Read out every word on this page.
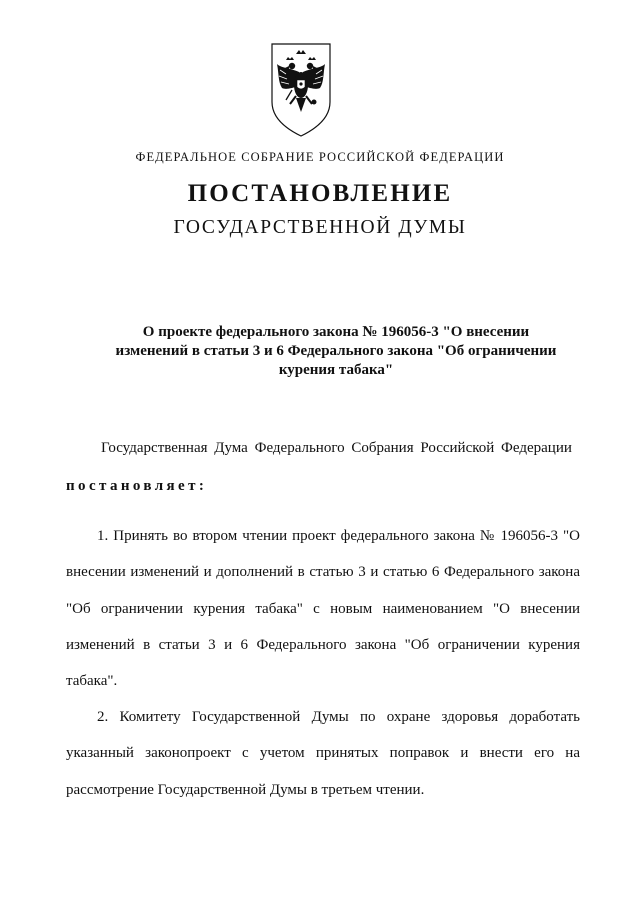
ФЕДЕРАЛЬНОЕ СОБРАНИЕ РОССИЙСКОЙ ФЕДЕРАЦИИ
ПОСТАНОВЛЕНИЕ
ГОСУДАРСТВЕННОЙ ДУМЫ
О проекте федерального закона № 196056-3 "О внесении
изменений в статьи 3 и 6 Федерального закона "Об ограничении
курения табака"
Государственная Дума Федерального Собрания Российской Федерации
постановляет:
1. Принять во втором чтении проект федерального закона № 196056-3 "О внесении изменений и дополнений в статью 3 и статью 6 Федерального закона "Об ограничении курения табака" с новым наименованием "О внесении изменений в статьи 3 и 6 Федерального закона "Об ограничении курения табака".
2. Комитету Государственной Думы по охране здоровья доработать указанный законопроект с учетом принятых поправок и внести его на рассмотрение Государственной Думы в третьем чтении.
